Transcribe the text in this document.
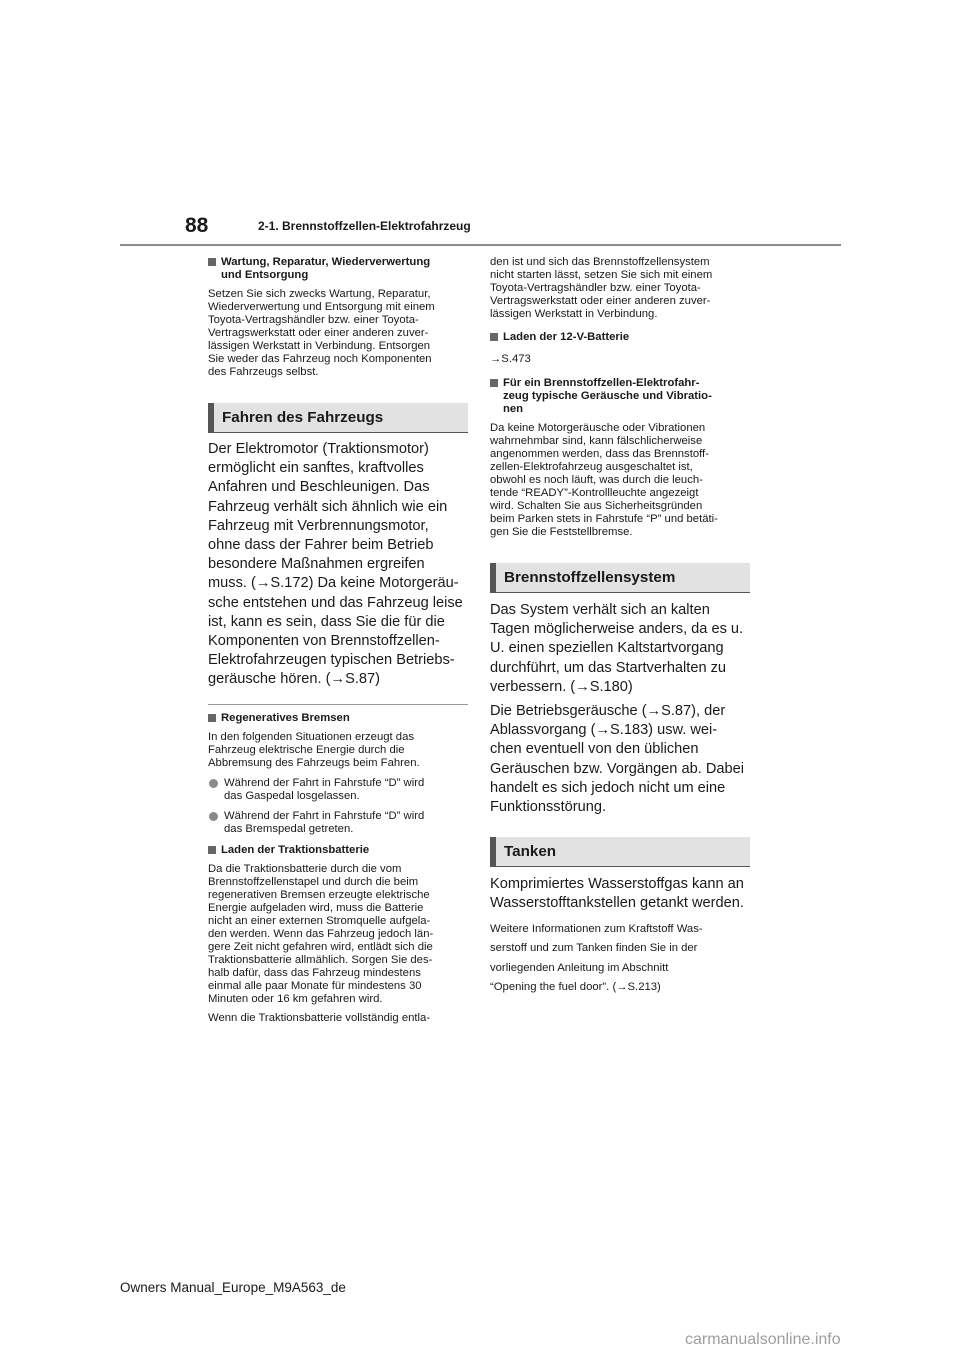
88	2-1. Brennstoffzellen-Elektrofahrzeug
Wartung, Reparatur, Wiederverwertung
und Entsorgung

Setzen Sie sich zwecks Wartung, Reparatur,

Wiederverwertung und Entsorgung mit einem

Toyota-Vertragshändler bzw. einer Toyota-

Vertragswerkstatt oder einer anderen zuver-

lässigen Werkstatt in Verbindung. Entsorgen

Sie weder das Fahrzeug noch Komponenten

des Fahrzeugs selbst.

Fahren des Fahrzeugs

Der Elektromotor (Traktionsmotor)

ermöglicht ein sanftes, kraftvolles

Anfahren und Beschleunigen. Das

Fahrzeug verhält sich ähnlich wie ein

Fahrzeug mit Verbrennungsmotor,

ohne dass der Fahrer beim Betrieb

besondere Maßnahmen ergreifen

muss. (→S.172) Da keine Motorgeräu-

sche entstehen und das Fahrzeug leise

ist, kann es sein, dass Sie die für die

Komponenten von Brennstoffzellen-

Elektrofahrzeugen typischen Betriebs-

geräusche hören. (→S.87)

Regeneratives Bremsen

In den folgenden Situationen erzeugt das

Fahrzeug elektrische Energie durch die

Abbremsung des Fahrzeugs beim Fahren.

Während der Fahrt in Fahrstufe “D” wird

das Gaspedal losgelassen.

Während der Fahrt in Fahrstufe “D” wird

das Bremspedal getreten.

Laden der Traktionsbatterie

Da die Traktionsbatterie durch die vom

Brennstoffzellenstapel und durch die beim

regenerativen Bremsen erzeugte elektrische

Energie aufgeladen wird, muss die Batterie

nicht an einer externen Stromquelle aufgela-

den werden. Wenn das Fahrzeug jedoch län-

gere Zeit nicht gefahren wird, entlädt sich die

Traktionsbatterie allmählich. Sorgen Sie des-

halb dafür, dass das Fahrzeug mindestens

einmal alle paar Monate für mindestens 30

Minuten oder 16 km gefahren wird.

Wenn die Traktionsbatterie vollständig entla-

den ist und sich das Brennstoffzellensystem

nicht starten lässt, setzen Sie sich mit einem

Toyota-Vertragshändler bzw. einer Toyota-

Vertragswerkstatt oder einer anderen zuver-

lässigen Werkstatt in Verbindung.

Laden der 12-V-Batterie

→S.473

Für ein Brennstoffzellen-Elektrofahr-
zeug typische Geräusche und Vibratio-
nen

Da keine Motorgeräusche oder Vibrationen

wahrnehmbar sind, kann fälschlicherweise

angenommen werden, dass das Brennstoff-

zellen-Elektrofahrzeug ausgeschaltet ist,

obwohl es noch läuft, was durch die leuch-

tende “READY”-Kontrollleuchte angezeigt

wird. Schalten Sie aus Sicherheitsgründen

beim Parken stets in Fahrstufe “P” und betäti-

gen Sie die Feststellbremse.

Brennstoffzellensystem

Das System verhält sich an kalten

Tagen möglicherweise anders, da es u.

U. einen speziellen Kaltstartvorgang

durchführt, um das Startverhalten zu

verbessern. (→S.180)

Die Betriebsgeräusche (→S.87), der

Ablassvorgang (→S.183) usw. wei-

chen eventuell von den üblichen

Geräuschen bzw. Vorgängen ab. Dabei

handelt es sich jedoch nicht um eine

Funktionsstörung.

Tanken

Komprimiertes Wasserstoffgas kann an

Wasserstofftankstellen getankt werden.

Weitere Informationen zum Kraftstoff Was-

serstoff und zum Tanken finden Sie in der

vorliegenden Anleitung im Abschnitt

“Opening the fuel door”. (→S.213)

Owners Manual_Europe_M9A563_de
carmanualsonline.info
